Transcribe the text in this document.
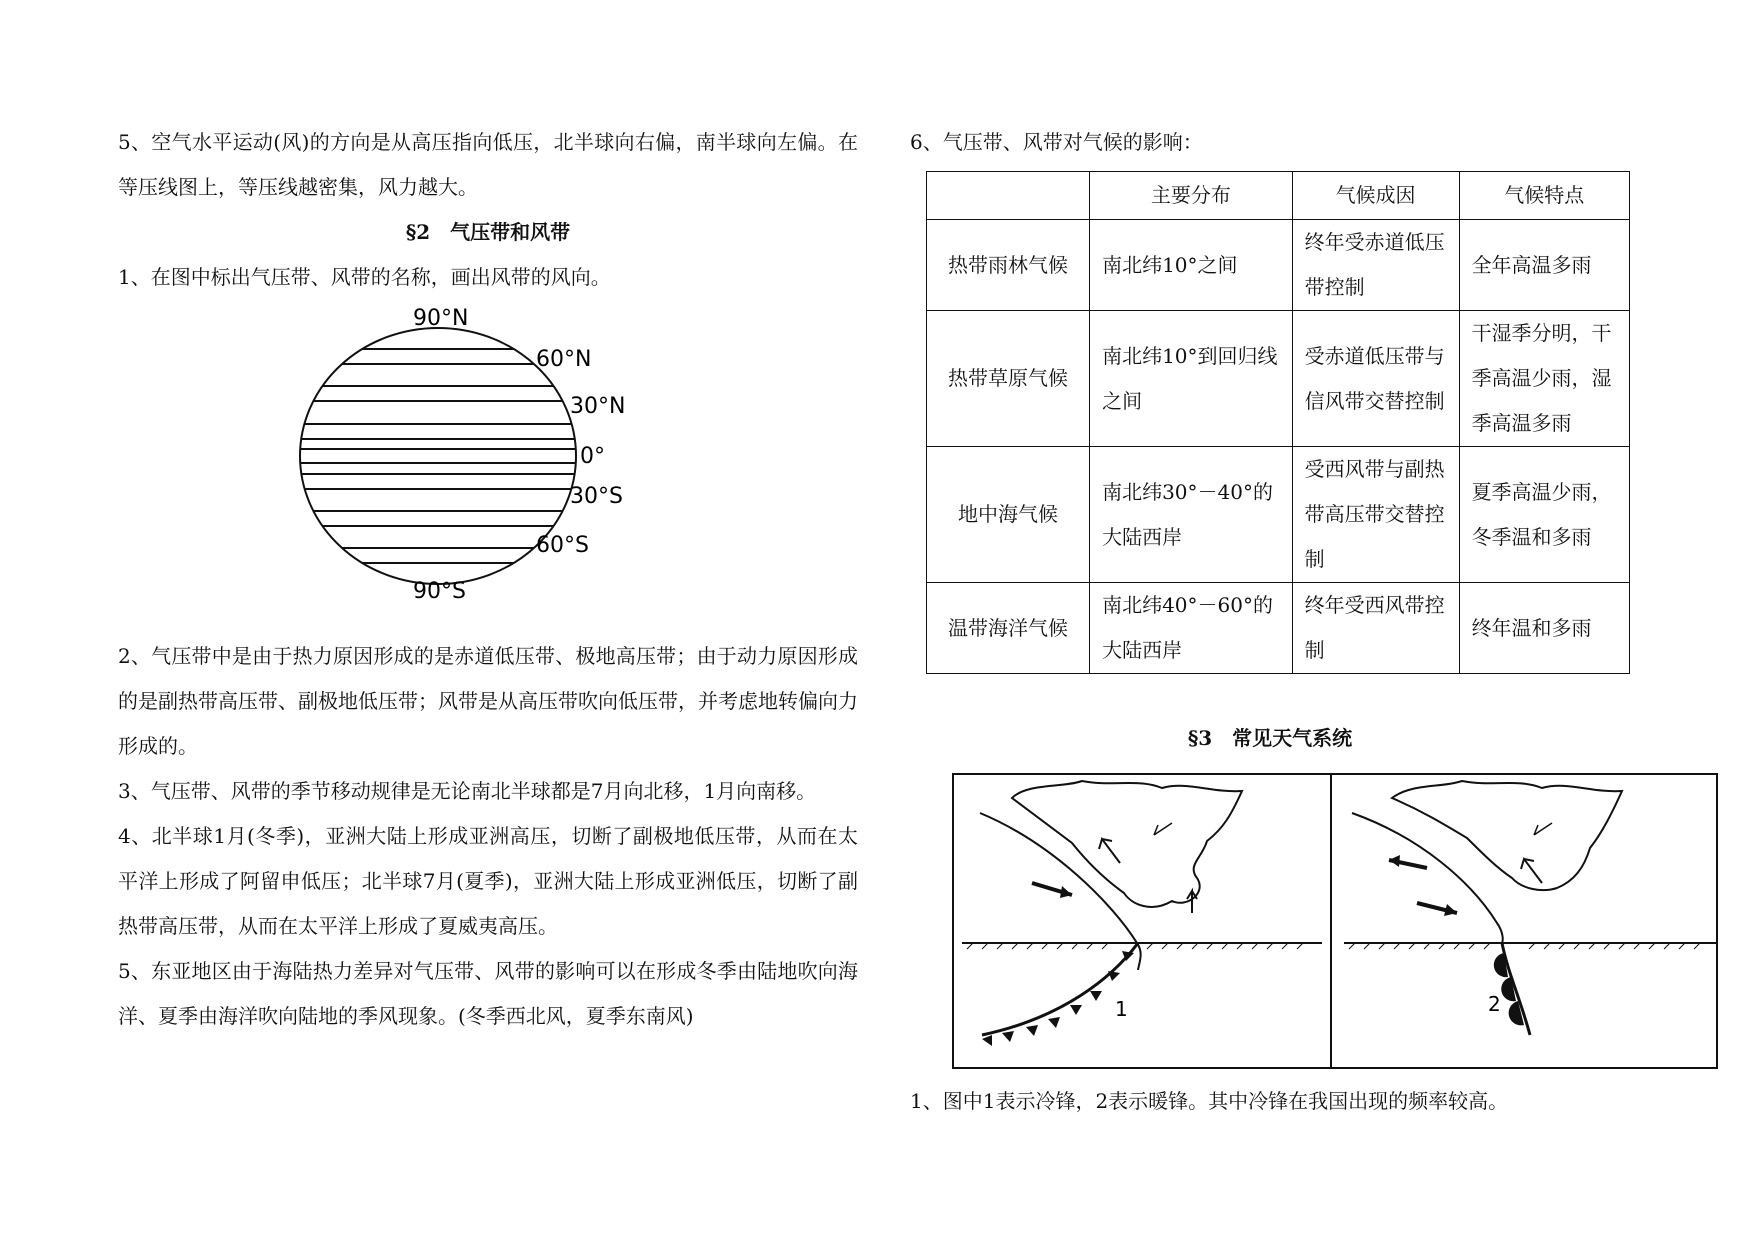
5、空气水平运动(风)的方向是从高压指向低压，北半球向右偏，南半球向左偏。在等压线图上，等压线越密集，风力越大。

§2　气压带和风带

1、在图中标出气压带、风带的名称，画出风带的风向。

90°N
60°N
30°N
0°
30°S
60°S
90°S

2、气压带中是由于热力原因形成的是赤道低压带、极地高压带；由于动力原因形成的是副热带高压带、副极地低压带；风带是从高压带吹向低压带，并考虑地转偏向力形成的。

3、气压带、风带的季节移动规律是无论南北半球都是7月向北移，1月向南移。

4、北半球1月(冬季)，亚洲大陆上形成亚洲高压，切断了副极地低压带，从而在太平洋上形成了阿留申低压；北半球7月(夏季)，亚洲大陆上形成亚洲低压，切断了副热带高压带，从而在太平洋上形成了夏威夷高压。

5、东亚地区由于海陆热力差异对气压带、风带的影响可以在形成冬季由陆地吹向海洋、夏季由海洋吹向陆地的季风现象。(冬季西北风，夏季东南风)

6、气压带、风带对气候的影响：

	主要分布	气候成因	气候特点
热带雨林气候	南北纬10°之间	终年受赤道低压带控制	全年高温多雨
热带草原气候	南北纬10°到回归线之间	受赤道低压带与信风带交替控制	干湿季分明，干季高温少雨，湿季高温多雨
地中海气候	南北纬30°－40°的大陆西岸	受西风带与副热带高压带交替控制	夏季高温少雨，冬季温和多雨
温带海洋气候	南北纬40°－60°的大陆西岸	终年受西风带控制	终年温和多雨

§3　常见天气系统

1	2

1、图中1表示冷锋，2表示暖锋。其中冷锋在我国出现的频率较高。
